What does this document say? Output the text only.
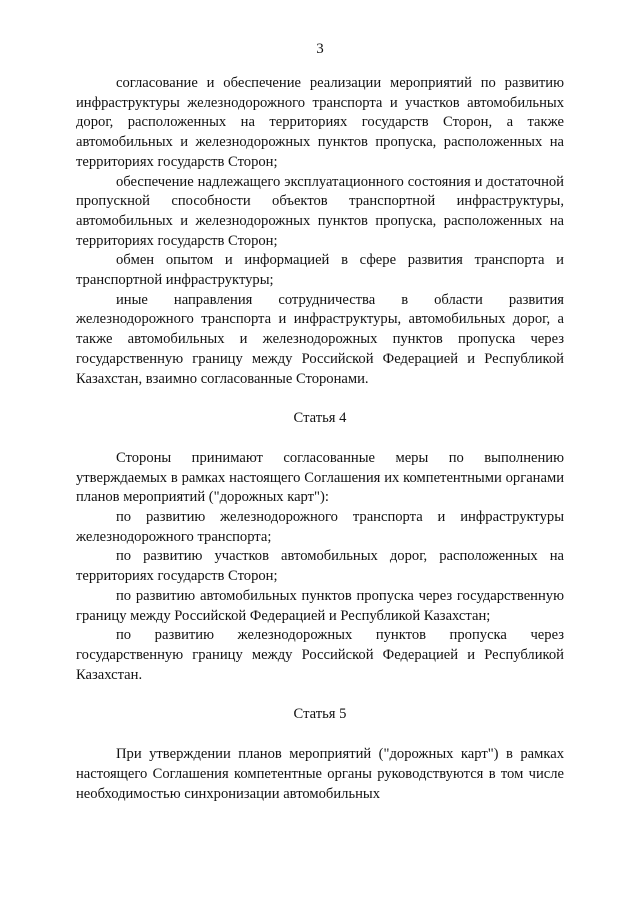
3

согласование и обеспечение реализации мероприятий по развитию инфраструктуры железнодорожного транспорта и участков автомобильных дорог, расположенных на территориях государств Сторон, а также автомобильных и железнодорожных пунктов пропуска, расположенных на территориях государств Сторон;

обеспечение надлежащего эксплуатационного состояния и достаточной пропускной способности объектов транспортной инфраструктуры, автомобильных и железнодорожных пунктов пропуска, расположенных на территориях государств Сторон;

обмен опытом и информацией в сфере развития транспорта и транспортной инфраструктуры;

иные направления сотрудничества в области развития железнодорожного транспорта и инфраструктуры, автомобильных дорог, а также автомобильных и железнодорожных пунктов пропуска через государственную границу между Российской Федерацией и Республикой Казахстан, взаимно согласованные Сторонами.

Статья 4

Стороны принимают согласованные меры по выполнению утверждаемых в рамках настоящего Соглашения их компетентными органами планов мероприятий ("дорожных карт"):

по развитию железнодорожного транспорта и инфраструктуры железнодорожного транспорта;

по развитию участков автомобильных дорог, расположенных на территориях государств Сторон;

по развитию автомобильных пунктов пропуска через государственную границу между Российской Федерацией и Республикой Казахстан;

по развитию железнодорожных пунктов пропуска через государственную границу между Российской Федерацией и Республикой Казахстан.

Статья 5

При утверждении планов мероприятий ("дорожных карт") в рамках настоящего Соглашения компетентные органы руководствуются в том числе необходимостью синхронизации автомобильных
